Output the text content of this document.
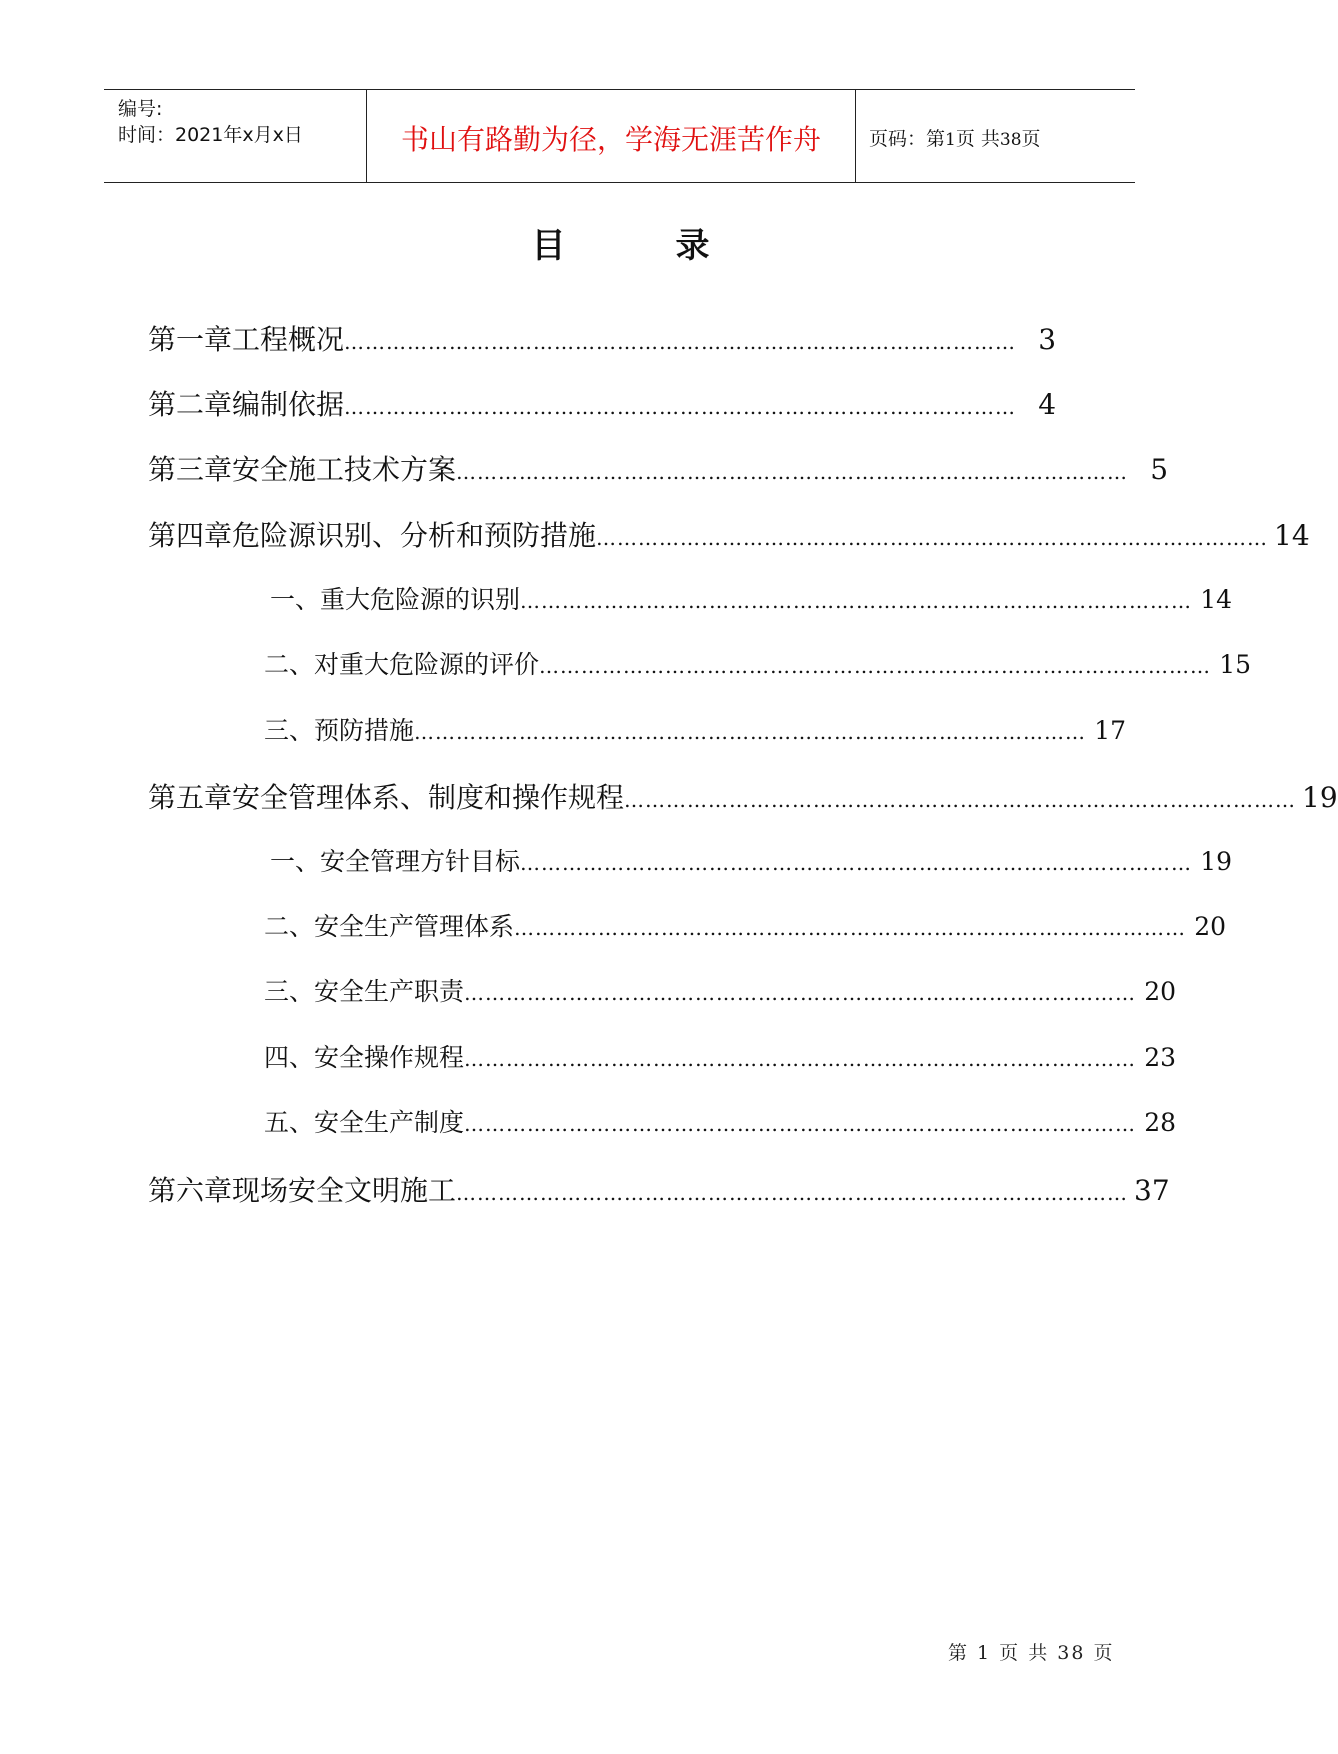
编号:
时间：2021年x月x日	书山有路勤为径，学海无涯苦作舟	页码：第1页 共38页
目录
第一章 工程概况 …………………………………………………………………………………… 3
第二章 编制依据 …………………………………………………………………………………… 4
第三章 安全施工技术方案 …………………………………………………………………………………… 5
第四章 危险源识别、分析和预防措施 …………………………………………………………………………………… 14
一、重大危险源的识别 …………………………………………………………………………………… 14
二、对重大危险源的评价 …………………………………………………………………………………… 15
三、预防措施 …………………………………………………………………………………… 17
第五章 安全管理体系、制度和操作规程 …………………………………………………………………………………… 19
一、安全管理方针目标 …………………………………………………………………………………… 19
二、安全生产管理体系 …………………………………………………………………………………… 20
三、安全生产职责 …………………………………………………………………………………… 20
四、安全操作规程 …………………………………………………………………………………… 23
五、安全生产制度 …………………………………………………………………………………… 28
第六章 现场安全文明施工 …………………………………………………………………………………… 37
第 1 页 共 38 页
